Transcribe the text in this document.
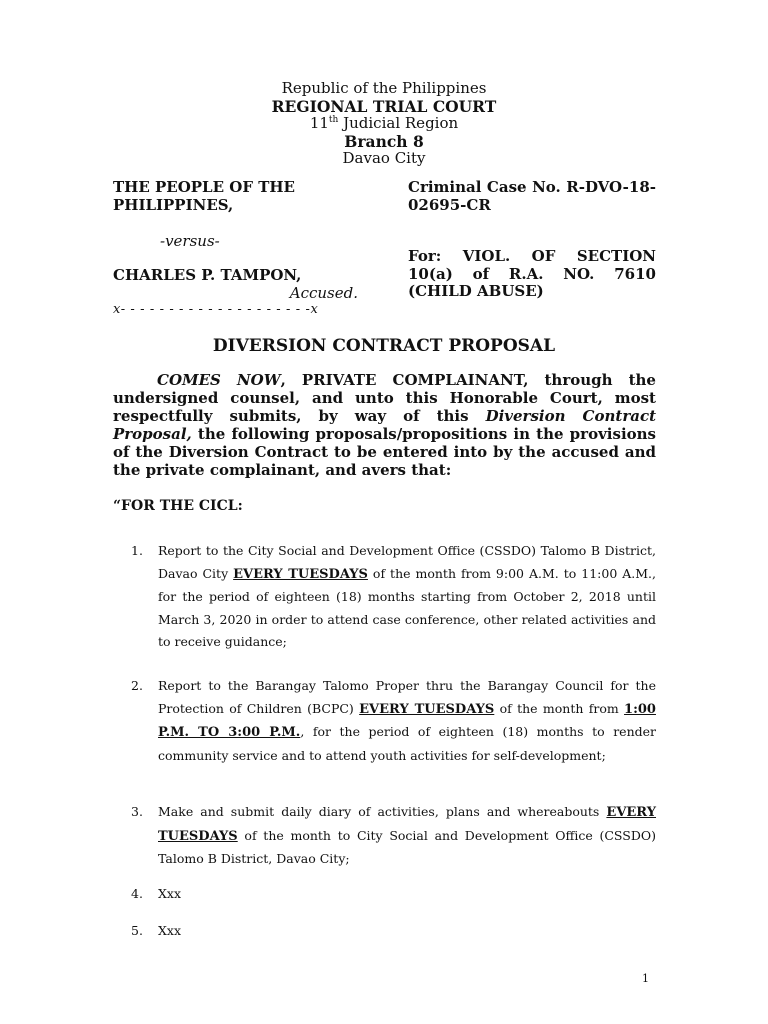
Republic of the Philippines
REGIONAL TRIAL COURT
11th Judicial Region
Branch 8
Davao City
THE PEOPLE OF THE PHILIPPINES,
Criminal Case No. R-DVO-18-02695-CR
-versus-
For: VIOL. OF SECTION 10(a) of R.A. NO. 7610 (CHILD ABUSE)
CHARLES P. TAMPON,
Accused.
x- - - - - - - - - - - - - - - - - - - -x
DIVERSION CONTRACT PROPOSAL
COMES NOW, PRIVATE COMPLAINANT, through the undersigned counsel, and unto this Honorable Court, most respectfully submits, by way of this Diversion Contract Proposal, the following proposals/propositions in the provisions of the Diversion Contract to be entered into by the accused and the private complainant, and avers that:
“FOR THE CICL:
1.	Report to the City Social and Development Office (CSSDO) Talomo B District, Davao City EVERY TUESDAYS of the month from 9:00 A.M. to 11:00 A.M., for the period of eighteen (18) months starting from October 2, 2018 until March 3, 2020 in order to attend case conference, other related activities and to receive guidance;
2.	Report to the Barangay Talomo Proper thru the Barangay Council for the Protection of Children (BCPC) EVERY TUESDAYS of the month from 1:00 P.M. TO 3:00 P.M., for the period of eighteen (18) months to render community service and to attend youth activities for self-development;
3.	Make and submit daily diary of activities, plans and whereabouts EVERY TUESDAYS of the month to City Social and Development Office (CSSDO) Talomo B District, Davao City;
4.	Xxx
5.	Xxx
1
